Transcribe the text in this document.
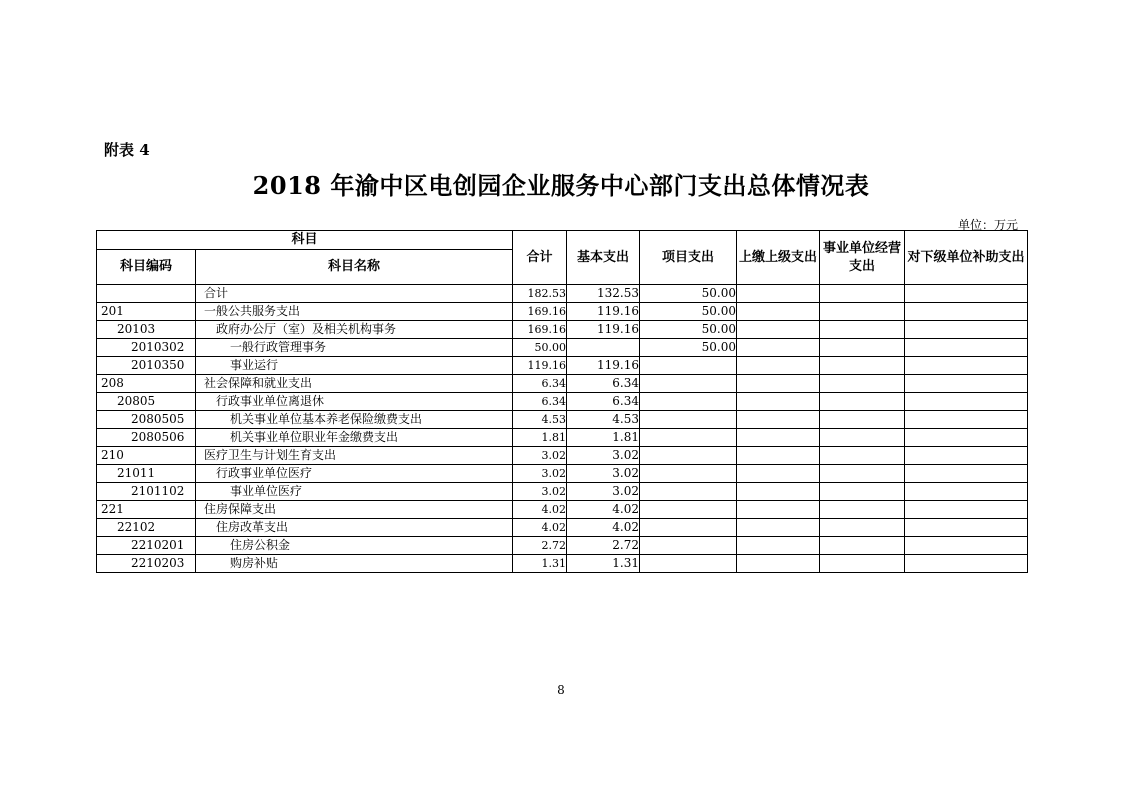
附表 4
2018 年渝中区电创园企业服务中心部门支出总体情况表
单位：万元
科目		合计	基本支出	项目支出	上缴上级支出	事业单位经营支出	对下级单位补助支出
科目编码	科目名称						
	合计	182.53	132.53	50.00			
201	一般公共服务支出	169.16	119.16	50.00			
20103	政府办公厅（室）及相关机构事务	169.16	119.16	50.00			
2010302	一般行政管理事务	50.00		50.00			
2010350	事业运行	119.16	119.16				
208	社会保障和就业支出	6.34	6.34				
20805	行政事业单位离退休	6.34	6.34				
2080505	机关事业单位基本养老保险缴费支出	4.53	4.53				
2080506	机关事业单位职业年金缴费支出	1.81	1.81				
210	医疗卫生与计划生育支出	3.02	3.02				
21011	行政事业单位医疗	3.02	3.02				
2101102	事业单位医疗	3.02	3.02				
221	住房保障支出	4.02	4.02				
22102	住房改革支出	4.02	4.02				
2210201	住房公积金	2.72	2.72				
2210203	购房补贴	1.31	1.31				
8
